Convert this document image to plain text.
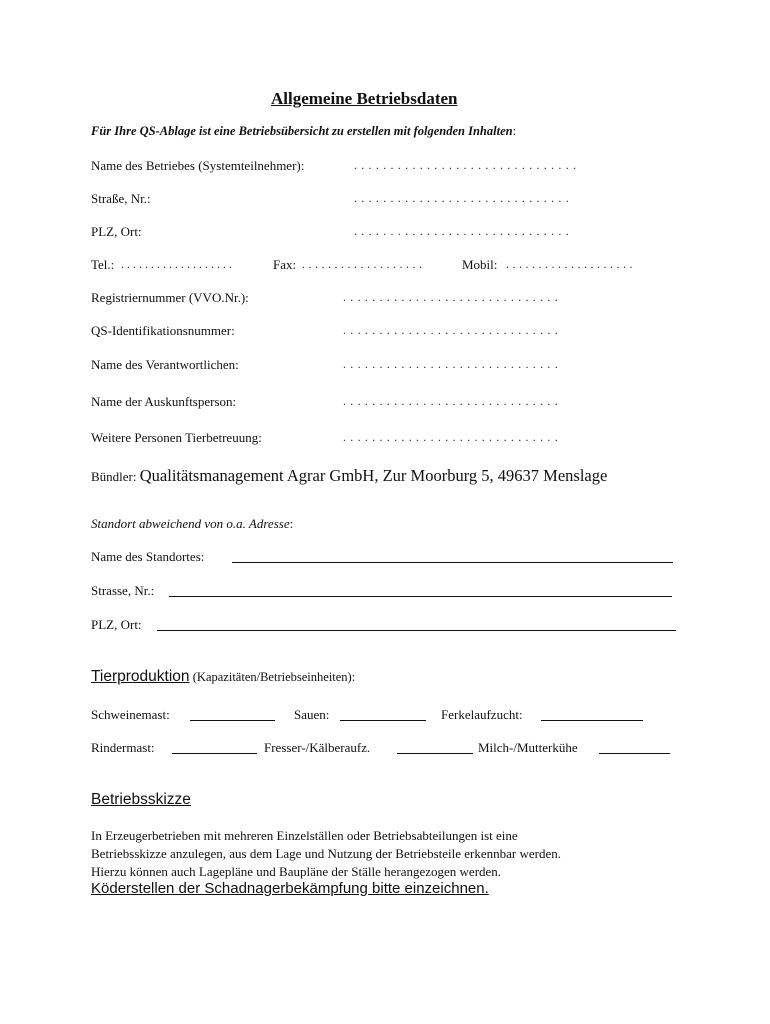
Allgemeine Betriebsdaten
Für Ihre QS-Ablage ist eine Betriebsübersicht zu erstellen mit folgenden Inhalten:
Name des Betriebes (Systemteilnehmer):	...............................
Straße, Nr.:	..............................
PLZ, Ort:	..............................
Tel.: ...................	Fax: ...................	Mobil: ....................
Registriernummer (VVO.Nr.):	..............................
QS-Identifikationsnummer:	..............................
Name des Verantwortlichen:	..............................
Name der Auskunftsperson:	..............................
Weitere Personen Tierbetreuung:	..............................
Bündler: Qualitätsmanagement Agrar GmbH, Zur Moorburg 5, 49637 Menslage
Standort abweichend von o.a. Adresse:
Name des Standortes:
Strasse, Nr.:
PLZ, Ort:
Tierproduktion (Kapazitäten/Betriebseinheiten):
Schweinemast:	Sauen:	Ferkelaufzucht:
Rindermast:	Fresser-/Kälberaufz.	Milch-/Mutterkühe
Betriebsskizze
In Erzeugerbetrieben mit mehreren Einzelställen oder Betriebsabteilungen ist eine
Betriebsskizze anzulegen, aus dem Lage und Nutzung der Betriebsteile erkennbar werden.
Hierzu können auch Lagepläne und Baupläne der Ställe herangezogen werden.
Köderstellen der Schadnagerbekämpfung bitte einzeichnen.
